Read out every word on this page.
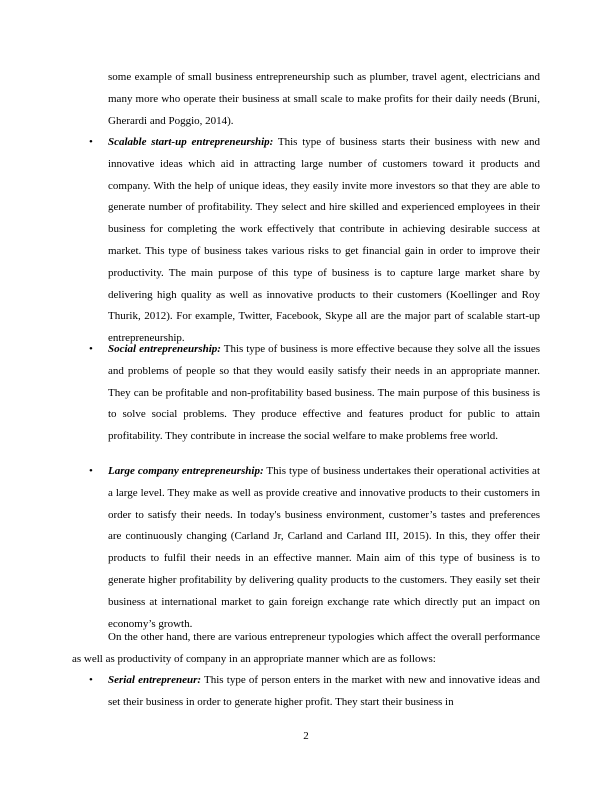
some example of small business entrepreneurship such as plumber, travel agent, electricians and many more who operate their business at small scale to make profits for their daily needs (Bruni, Gherardi and Poggio, 2014).
• Scalable start-up entrepreneurship: This type of business starts their business with new and innovative ideas which aid in attracting large number of customers toward it products and company. With the help of unique ideas, they easily invite more investors so that they are able to generate number of profitability. They select and hire skilled and experienced employees in their business for completing the work effectively that contribute in achieving desirable success at market. This type of business takes various risks to get financial gain in order to improve their productivity. The main purpose of this type of business is to capture large market share by delivering high quality as well as innovative products to their customers (Koellinger and Roy Thurik, 2012). For example, Twitter, Facebook, Skype all are the major part of scalable start-up entrepreneurship.
• Social entrepreneurship: This type of business is more effective because they solve all the issues and problems of people so that they would easily satisfy their needs in an appropriate manner. They can be profitable and non-profitability based business. The main purpose of this business is to solve social problems. They produce effective and features product for public to attain profitability. They contribute in increase the social welfare to make problems free world.
• Large company entrepreneurship: This type of business undertakes their operational activities at a large level. They make as well as provide creative and innovative products to their customers in order to satisfy their needs. In today's business environment, customer’s tastes and preferences are continuously changing (Carland Jr, Carland and Carland III, 2015). In this, they offer their products to fulfil their needs in an effective manner. Main aim of this type of business is to generate higher profitability by delivering quality products to the customers. They easily set their business at international market to gain foreign exchange rate which directly put an impact on economy’s growth.
On the other hand, there are various entrepreneur typologies which affect the overall performance as well as productivity of company in an appropriate manner which are as follows:
• Serial entrepreneur: This type of person enters in the market with new and innovative ideas and set their business in order to generate higher profit. They start their business in
2
